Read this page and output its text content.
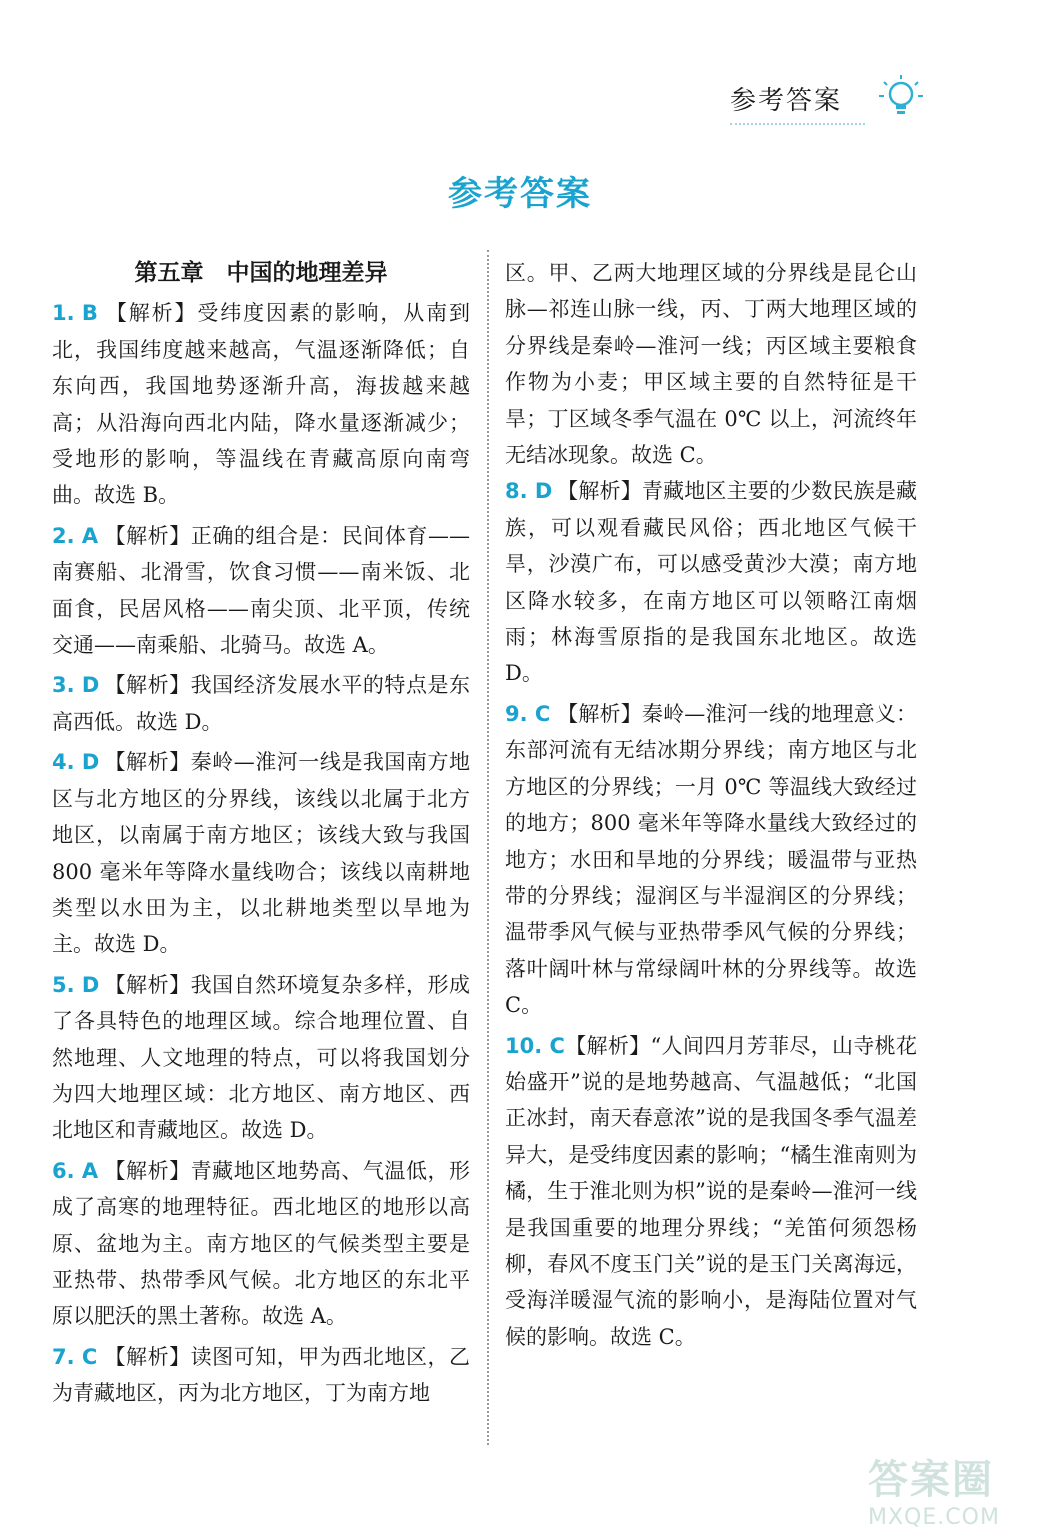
参考答案
参考答案
第五章　中国的地理差异
1. B 【解析】受纬度因素的影响，从南到北，我国纬度越来越高，气温逐渐降低；自东向西，我国地势逐渐升高，海拔越来越高；从沿海向西北内陆，降水量逐渐减少；受地形的影响，等温线在青藏高原向南弯曲。故选 B。
2. A 【解析】正确的组合是：民间体育——南赛船、北滑雪，饮食习惯——南米饭、北面食，民居风格——南尖顶、北平顶，传统交通——南乘船、北骑马。故选 A。
3. D 【解析】我国经济发展水平的特点是东高西低。故选 D。
4. D 【解析】秦岭—淮河一线是我国南方地区与北方地区的分界线，该线以北属于北方地区，以南属于南方地区；该线大致与我国 800 毫米年等降水量线吻合；该线以南耕地类型以水田为主，以北耕地类型以旱地为主。故选 D。
5. D 【解析】我国自然环境复杂多样，形成了各具特色的地理区域。综合地理位置、自然地理、人文地理的特点，可以将我国划分为四大地理区域：北方地区、南方地区、西北地区和青藏地区。故选 D。
6. A 【解析】青藏地区地势高、气温低，形成了高寒的地理特征。西北地区的地形以高原、盆地为主。南方地区的气候类型主要是亚热带、热带季风气候。北方地区的东北平原以肥沃的黑土著称。故选 A。
7. C 【解析】读图可知，甲为西北地区，乙为青藏地区，丙为北方地区，丁为南方地
区。甲、乙两大地理区域的分界线是昆仑山脉—祁连山脉一线，丙、丁两大地理区域的分界线是秦岭—淮河一线；丙区域主要粮食作物为小麦；甲区域主要的自然特征是干旱；丁区域冬季气温在 0℃ 以上，河流终年无结冰现象。故选 C。
8. D 【解析】青藏地区主要的少数民族是藏族，可以观看藏民风俗；西北地区气候干旱，沙漠广布，可以感受黄沙大漠；南方地区降水较多，在南方地区可以领略江南烟雨；林海雪原指的是我国东北地区。故选 D。
9. C 【解析】秦岭—淮河一线的地理意义：东部河流有无结冰期分界线；南方地区与北方地区的分界线；一月 0℃ 等温线大致经过的地方；800 毫米年等降水量线大致经过的地方；水田和旱地的分界线；暖温带与亚热带的分界线；湿润区与半湿润区的分界线；温带季风气候与亚热带季风气候的分界线；落叶阔叶林与常绿阔叶林的分界线等。故选 C。
10. C【解析】“人间四月芳菲尽，山寺桃花始盛开”说的是地势越高、气温越低；“北国正冰封，南天春意浓”说的是我国冬季气温差异大，是受纬度因素的影响；“橘生淮南则为橘，生于淮北则为枳”说的是秦岭—淮河一线是我国重要的地理分界线；“羌笛何须怨杨柳，春风不度玉门关”说的是玉门关离海远，受海洋暖湿气流的影响小，是海陆位置对气候的影响。故选 C。
答案圈
MXQE.COM
